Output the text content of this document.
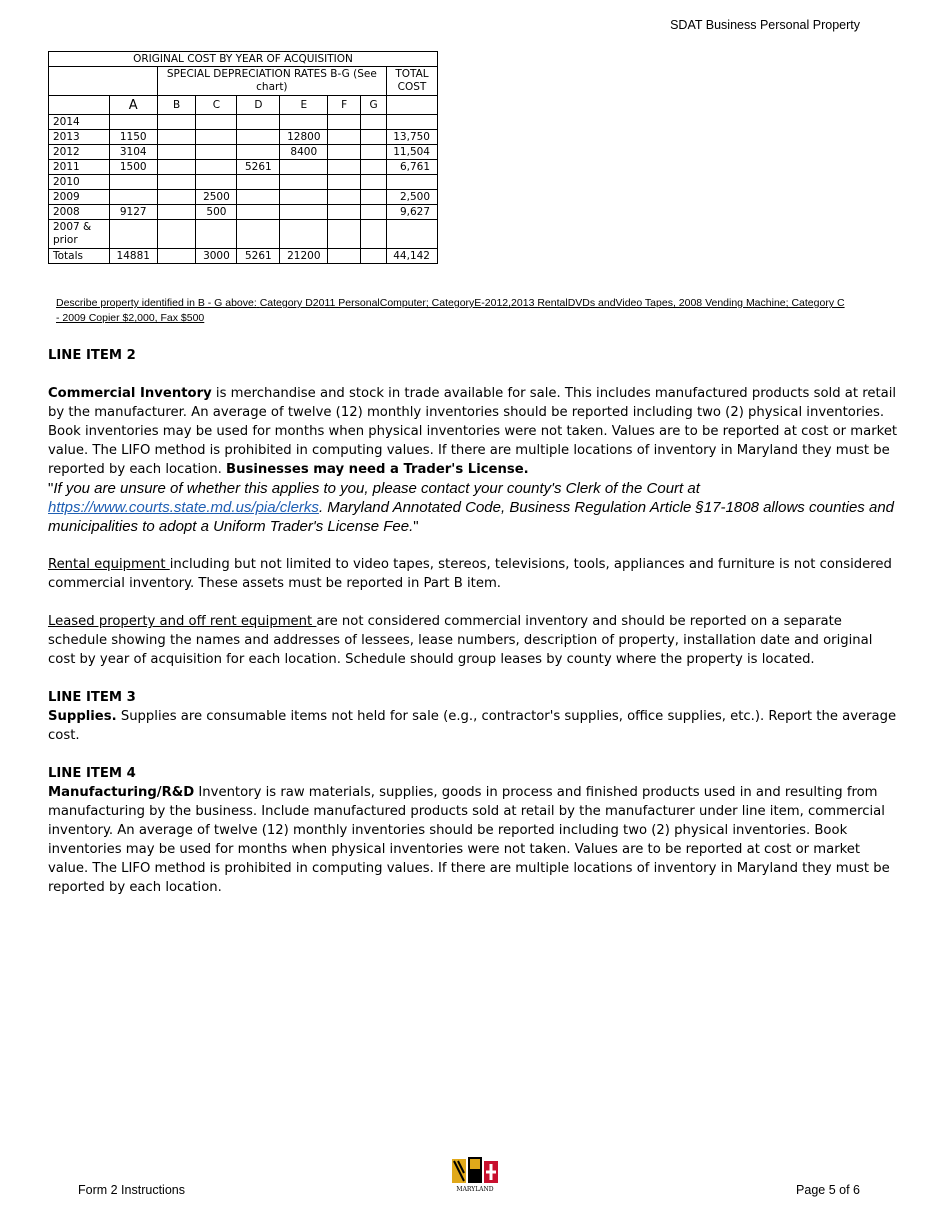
SDAT Business Personal Property
ORIGINAL COST BY YEAR OF ACQUISITION								
		SPECIAL DEPRECIATION RATES B-G (See chart)						TOTAL COST
	A	B	C	D	E	F	G	
2014								
2013	1150				12800			13,750
2012	3104				8400			11,504
2011	1500			5261				6,761
2010								
2009			2500					2,500
2008	9127		500					9,627
2007 & prior								
Totals	14881		3000	5261	21200			44,142
Describe property identified in B - G above: Category D2011 PersonalComputer; CategoryE-2012,2013 RentalDVDs andVideo Tapes, 2008 Vending Machine; Category C - 2009 Copier $2,000, Fax $500
LINE ITEM 2
Commercial Inventory is merchandise and stock in trade available for sale. This includes manufactured products sold at retail by the manufacturer. An average of twelve (12) monthly inventories should be reported including two (2) physical inventories. Book inventories may be used for months when physical inventories were not taken. Values are to be reported at cost or market value. The LIFO method is prohibited in computing values. If there are multiple locations of inventory in Maryland they must be reported by each location. Businesses may need a Trader's License.
"If you are unsure of whether this applies to you, please contact your county's Clerk of the Court at https://www.courts.state.md.us/pia/clerks. Maryland Annotated Code, Business Regulation Article §17-1808 allows counties and municipalities to adopt a Uniform Trader's License Fee."
Rental equipment including but not limited to video tapes, stereos, televisions, tools, appliances and furniture is not considered commercial inventory. These assets must be reported in Part B item.
Leased property and off rent equipment are not considered commercial inventory and should be reported on a separate schedule showing the names and addresses of lessees, lease numbers, description of property, installation date and original cost by year of acquisition for each location. Schedule should group leases by county where the property is located.
LINE ITEM 3
Supplies. Supplies are consumable items not held for sale (e.g., contractor's supplies, office supplies, etc.). Report the average cost.
LINE ITEM 4
Manufacturing/R&D Inventory is raw materials, supplies, goods in process and finished products used in and resulting from manufacturing by the business. Include manufactured products sold at retail by the manufacturer under line item, commercial inventory. An average of twelve (12) monthly inventories should be reported including two (2) physical inventories. Book inventories may be used for months when physical inventories were not taken. Values are to be reported at cost or market value. The LIFO method is prohibited in computing values. If there are multiple locations of inventory in Maryland they must be reported by each location.
Form 2 Instructions	MARYLAND	Page 5 of 6
